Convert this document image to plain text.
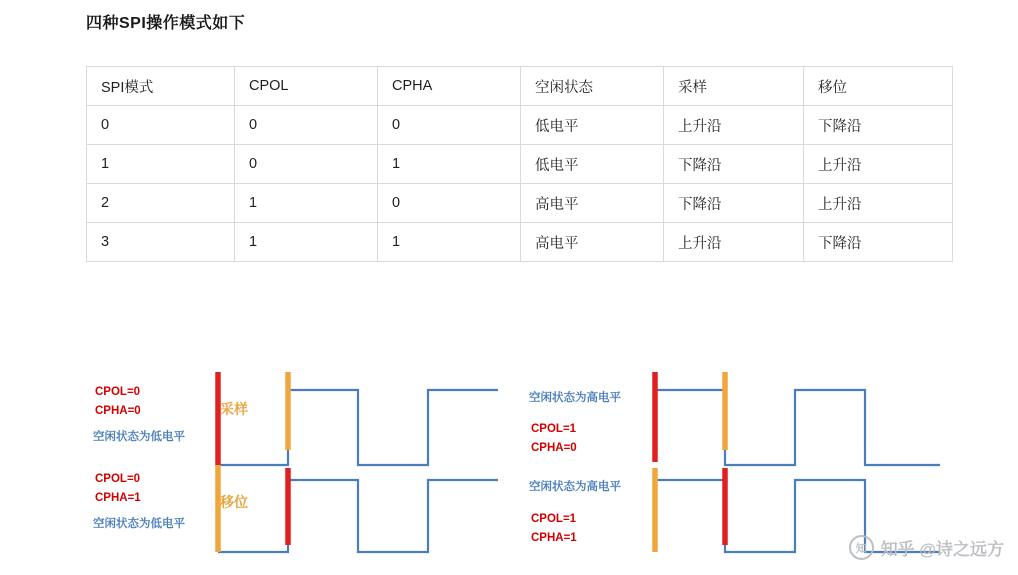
四种SPI操作模式如下
SPI模式	CPOL	CPHA	空闲状态	采样	移位
0	0	0	低电平	上升沿	下降沿
1	0	1	低电平	下降沿	上升沿
2	1	0	高电平	下降沿	上升沿
3	1	1	高电平	上升沿	下降沿
CPOL=0
CPHA=0
空闲状态为低电平
采样
CPOL=0
CPHA=1
空闲状态为低电平
移位
空闲状态为高电平
CPOL=1
CPHA=0
空闲状态为高电平
CPOL=1
CPHA=1
知 知乎 @诗之远方
